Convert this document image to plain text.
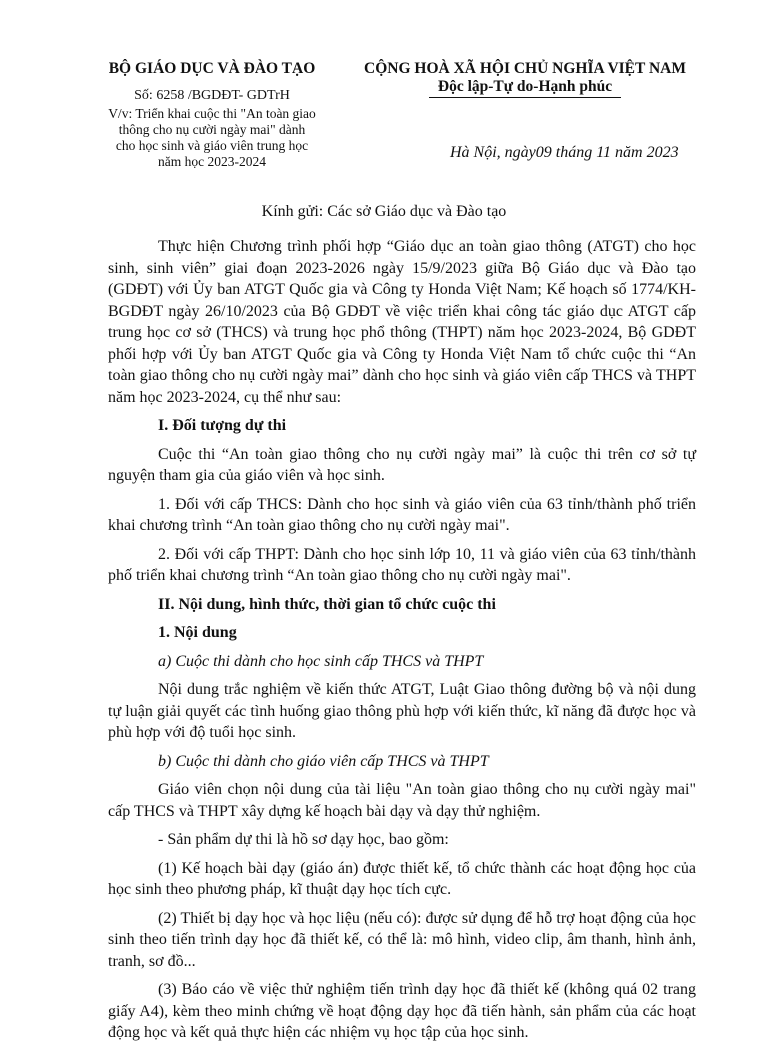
BỘ GIÁO DỤC VÀ ĐÀO TẠO
Số: 6258 /BGDĐT- GDTrH
V/v: Triển khai cuộc thi "An toàn giao thông cho nụ cười ngày mai" dành cho học sinh và giáo viên trung học năm học 2023-2024
CỘNG HOÀ XÃ HỘI CHỦ NGHĨA VIỆT NAM
Độc lập-Tự do-Hạnh phúc
Hà Nội, ngày09 tháng 11 năm 2023
Kính gửi: Các sở Giáo dục và Đào tạo

Thực hiện Chương trình phối hợp “Giáo dục an toàn giao thông (ATGT) cho học sinh, sinh viên” giai đoạn 2023-2026 ngày 15/9/2023 giữa Bộ Giáo dục và Đào tạo (GDĐT) với Ủy ban ATGT Quốc gia và Công ty Honda Việt Nam; Kế hoạch số 1774/KH-BGDĐT ngày 26/10/2023 của Bộ GDĐT về việc triển khai công tác giáo dục ATGT cấp trung học cơ sở (THCS) và trung học phổ thông (THPT) năm học 2023-2024, Bộ GDĐT phối hợp với Ủy ban ATGT Quốc gia và Công ty Honda Việt Nam tổ chức cuộc thi “An toàn giao thông cho nụ cười ngày mai” dành cho học sinh và giáo viên cấp THCS và THPT năm học 2023-2024, cụ thể như sau:

I. Đối tượng dự thi

Cuộc thi “An toàn giao thông cho nụ cười ngày mai” là cuộc thi trên cơ sở tự nguyện tham gia của giáo viên và học sinh.

1. Đối với cấp THCS: Dành cho học sinh và giáo viên của 63 tỉnh/thành phố triển khai chương trình “An toàn giao thông cho nụ cười ngày mai".

2. Đối với cấp THPT: Dành cho học sinh lớp 10, 11 và giáo viên của 63 tỉnh/thành phố triển khai chương trình “An toàn giao thông cho nụ cười ngày mai".

II. Nội dung, hình thức, thời gian tổ chức cuộc thi

1. Nội dung

a) Cuộc thi dành cho học sinh cấp THCS và THPT

Nội dung trắc nghiệm về kiến thức ATGT, Luật Giao thông đường bộ và nội dung tự luận giải quyết các tình huống giao thông phù hợp với kiến thức, kĩ năng đã được học và phù hợp với độ tuổi học sinh.

b) Cuộc thi dành cho giáo viên cấp THCS và THPT

Giáo viên chọn nội dung của tài liệu "An toàn giao thông cho nụ cười ngày mai" cấp THCS và THPT xây dựng kế hoạch bài dạy và dạy thử nghiệm.

- Sản phẩm dự thi là hồ sơ dạy học, bao gồm:

(1) Kế hoạch bài dạy (giáo án) được thiết kế, tổ chức thành các hoạt động học của học sinh theo phương pháp, kĩ thuật dạy học tích cực.

(2) Thiết bị dạy học và học liệu (nếu có): được sử dụng để hỗ trợ hoạt động của học sinh theo tiến trình dạy học đã thiết kế, có thể là: mô hình, video clip, âm thanh, hình ảnh, tranh, sơ đồ...

(3) Báo cáo về việc thử nghiệm tiến trình dạy học đã thiết kế (không quá 02 trang giấy A4), kèm theo minh chứng về hoạt động dạy học đã tiến hành, sản phẩm của các hoạt động học và kết quả thực hiện các nhiệm vụ học tập của học sinh.
